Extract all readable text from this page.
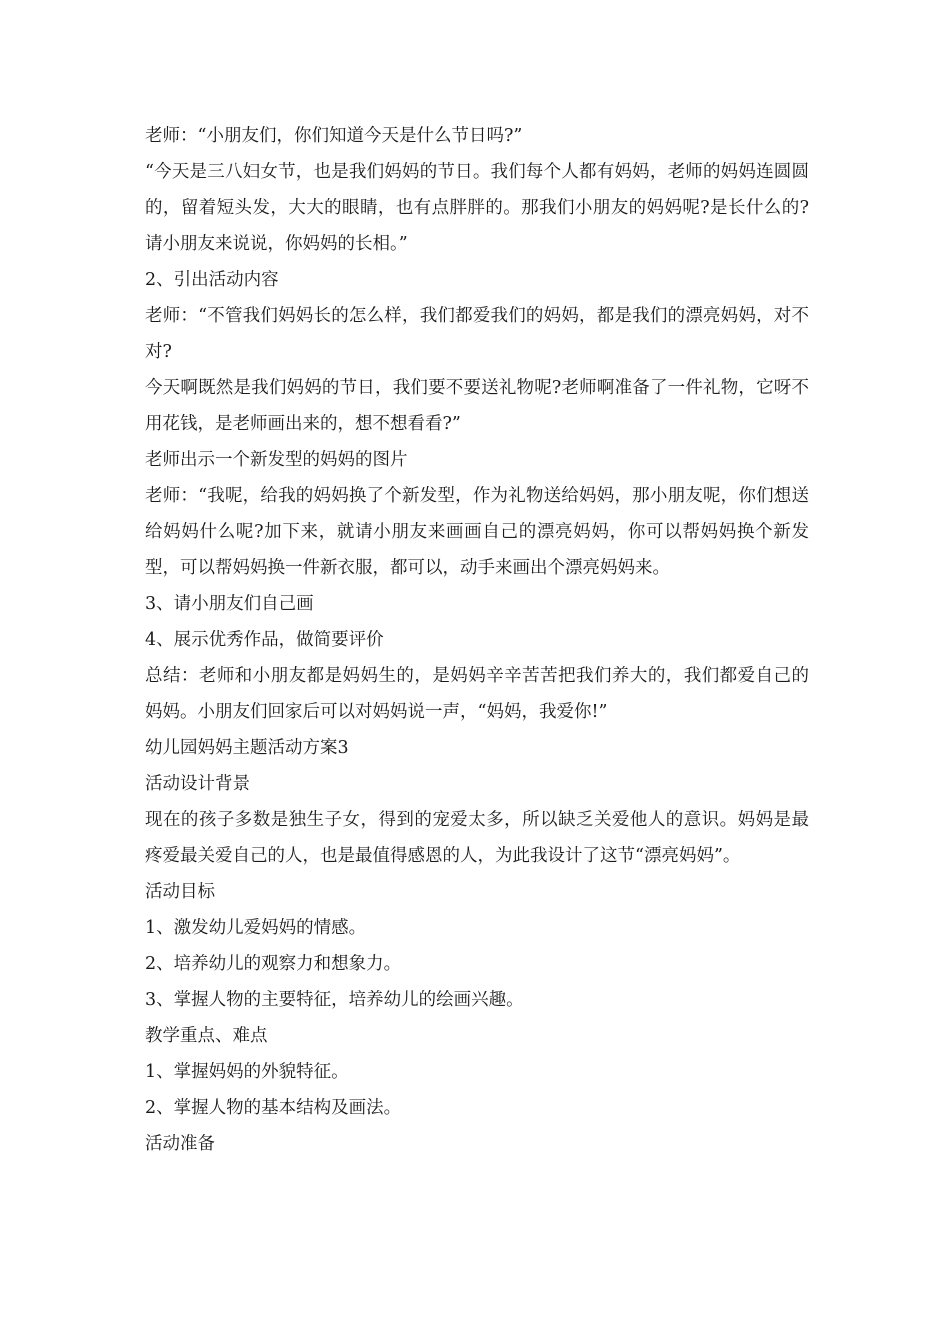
老师：“小朋友们，你们知道今天是什么节日吗?”

“今天是三八妇女节，也是我们妈妈的节日。我们每个人都有妈妈，老师的妈妈连圆圆的，留着短头发，大大的眼睛，也有点胖胖的。那我们小朋友的妈妈呢?是长什么的?请小朋友来说说，你妈妈的长相。”

2、引出活动内容

老师：“不管我们妈妈长的怎么样，我们都爱我们的妈妈，都是我们的漂亮妈妈，对不对?

今天啊既然是我们妈妈的节日，我们要不要送礼物呢?老师啊准备了一件礼物，它呀不用花钱，是老师画出来的，想不想看看?”

老师出示一个新发型的妈妈的图片

老师：“我呢，给我的妈妈换了个新发型，作为礼物送给妈妈，那小朋友呢，你们想送给妈妈什么呢?加下来，就请小朋友来画画自己的漂亮妈妈，你可以帮妈妈换个新发型，可以帮妈妈换一件新衣服，都可以，动手来画出个漂亮妈妈来。

3、请小朋友们自己画

4、展示优秀作品，做简要评价

总结：老师和小朋友都是妈妈生的，是妈妈辛辛苦苦把我们养大的，我们都爱自己的妈妈。小朋友们回家后可以对妈妈说一声，“妈妈，我爱你!”

幼儿园妈妈主题活动方案3

活动设计背景

现在的孩子多数是独生子女，得到的宠爱太多，所以缺乏关爱他人的意识。妈妈是最疼爱最关爱自己的人，也是最值得感恩的人，为此我设计了这节“漂亮妈妈”。

活动目标

1、激发幼儿爱妈妈的情感。

2、培养幼儿的观察力和想象力。

3、掌握人物的主要特征，培养幼儿的绘画兴趣。

教学重点、难点

1、掌握妈妈的外貌特征。

2、掌握人物的基本结构及画法。

活动准备
